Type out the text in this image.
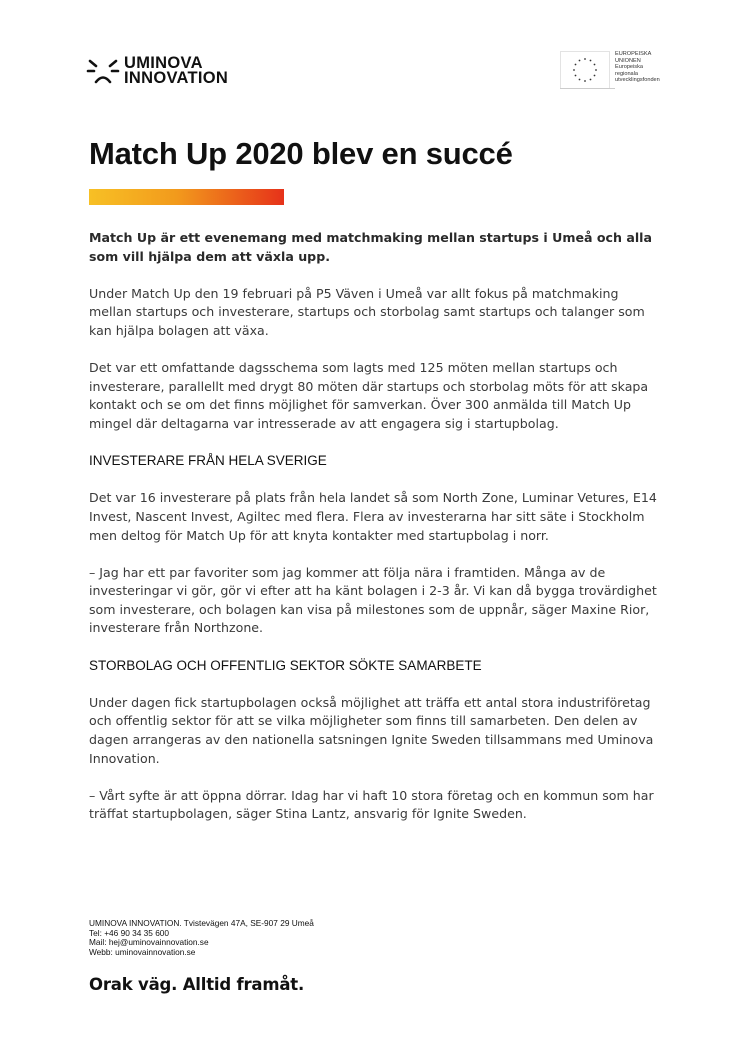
UMINOVA
INNOVATION
EUROPEISKA
UNIONEN
Europeiska
regionala
utvecklingsfonden
Match Up 2020 blev en succé

Match Up är ett evenemang med matchmaking mellan startups i Umeå och alla som vill hjälpa dem att växla upp.

Under Match Up den 19 februari på P5 Väven i Umeå var allt fokus på matchmaking mellan startups och investerare, startups och storbolag samt startups och talanger som kan hjälpa bolagen att växa.

Det var ett omfattande dagsschema som lagts med 125 möten mellan startups och investerare, parallellt med drygt 80 möten där startups och storbolag möts för att skapa kontakt och se om det finns möjlighet för samverkan. Över 300 anmälda till Match Up mingel där deltagarna var intresserade av att engagera sig i startupbolag.

INVESTERARE FRÅN HELA SVERIGE

Det var 16 investerare på plats från hela landet så som North Zone, Luminar Vetures, E14 Invest, Nascent Invest, Agiltec med flera. Flera av investerarna har sitt säte i Stockholm men deltog för Match Up för att knyta kontakter med startupbolag i norr.

– Jag har ett par favoriter som jag kommer att följa nära i framtiden. Många av de investeringar vi gör, gör vi efter att ha känt bolagen i 2-3 år. Vi kan då bygga trovärdighet som investerare, och bolagen kan visa på milestones som de uppnår, säger Maxine Rior, investerare från Northzone.

STORBOLAG OCH OFFENTLIG SEKTOR SÖKTE SAMARBETE

Under dagen fick startupbolagen också möjlighet att träffa ett antal stora industriföretag och offentlig sektor för att se vilka möjligheter som finns till samarbeten. Den delen av dagen arrangeras av den nationella satsningen Ignite Sweden tillsammans med Uminova Innovation.

– Vårt syfte är att öppna dörrar. Idag har vi haft 10 stora företag och en kommun som har träffat startupbolagen, säger Stina Lantz, ansvarig för Ignite Sweden.

UMINOVA INNOVATION. Tvistevägen 47A, SE-907 29 Umeå
Tel: +46 90 34 35 600
Mail: hej@uminovainnovation.se
Webb: uminovainnovation.se
Orak väg. Alltid framåt.
